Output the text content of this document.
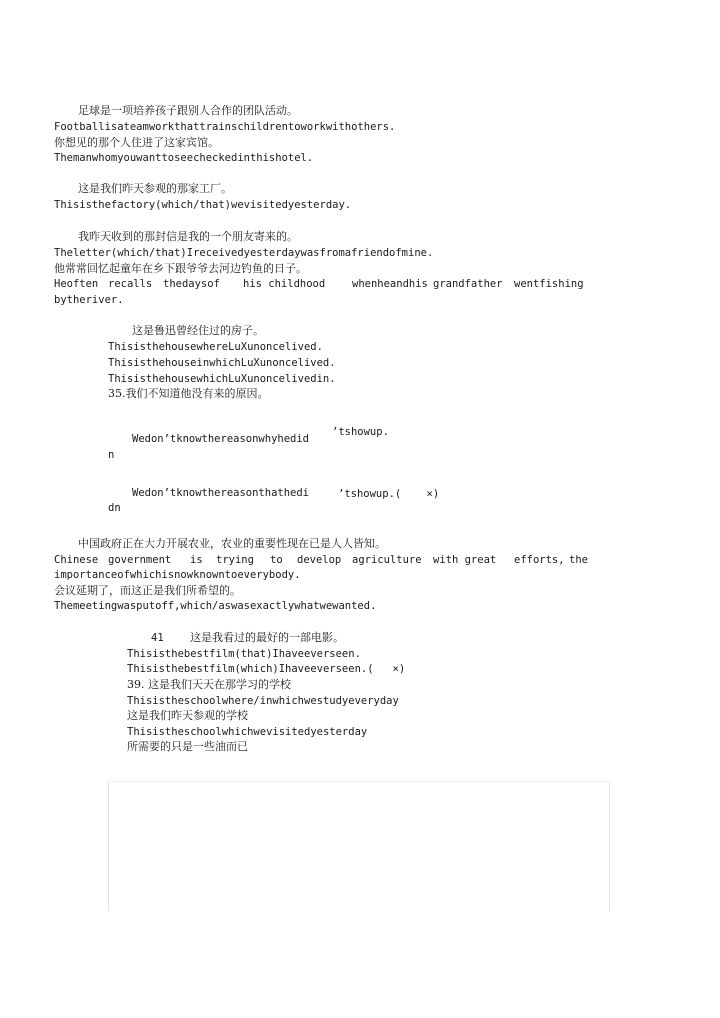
足球是一项培养孩子跟别人合作的团队活动。
Footballisateamworkthattrainschildrentoworkwithothers.
你想见的那个人住进了这家宾馆。
Themanwhomyouwanttoseecheckedinthishotel.
这是我们昨天参观的那家工厂。
Thisisthefactory(which/that)wevisitedyesterday.
我昨天收到的那封信是我的一个朋友寄来的。
Theletter(which/that)Ireceivedyesterdaywasfromafriendofmine.
他常常回忆起童年在乡下跟爷爷去河边钓鱼的日子。
Heoften recalls thedaysof his childhood	whenheandhis grandfather wentfishing
bytheriver.
这是鲁迅曾经住过的房子。
ThisisthehousewhereLuXunoncelived.
ThisisthehouseinwhichLuXunoncelived.
ThisisthehousewhichLuXunoncelivedin.
35.我们不知道他没有来的原因。
’tshowup.
Wedon’tknowthereasonwhyhedid
n
Wedon’tknowthereasonthathedi	’tshowup.(    ×)
dn
中国政府正在大力开展农业，农业的重要性现在已是人人皆知。
Chinese government is trying to develop agriculture with great efforts, the
importanceofwhichisnowknowntoeverybody.
会议延期了，而这正是我们所希望的。
Themeetingwasputoff,which/aswasexactlywhatwewanted.
41 这是我看过的最好的一部电影。
Thisisthebestfilm(that)Ihaveeverseen.
Thisisthebestfilm(which)Ihaveeverseen.(   ×)
39. 这是我们天天在那学习的学校
Thisistheschoolwhere/inwhichwestudyeveryday
这是我们昨天参观的学校
Thisistheschoolwhichwevisitedyesterday
所需要的只是一些油而已
